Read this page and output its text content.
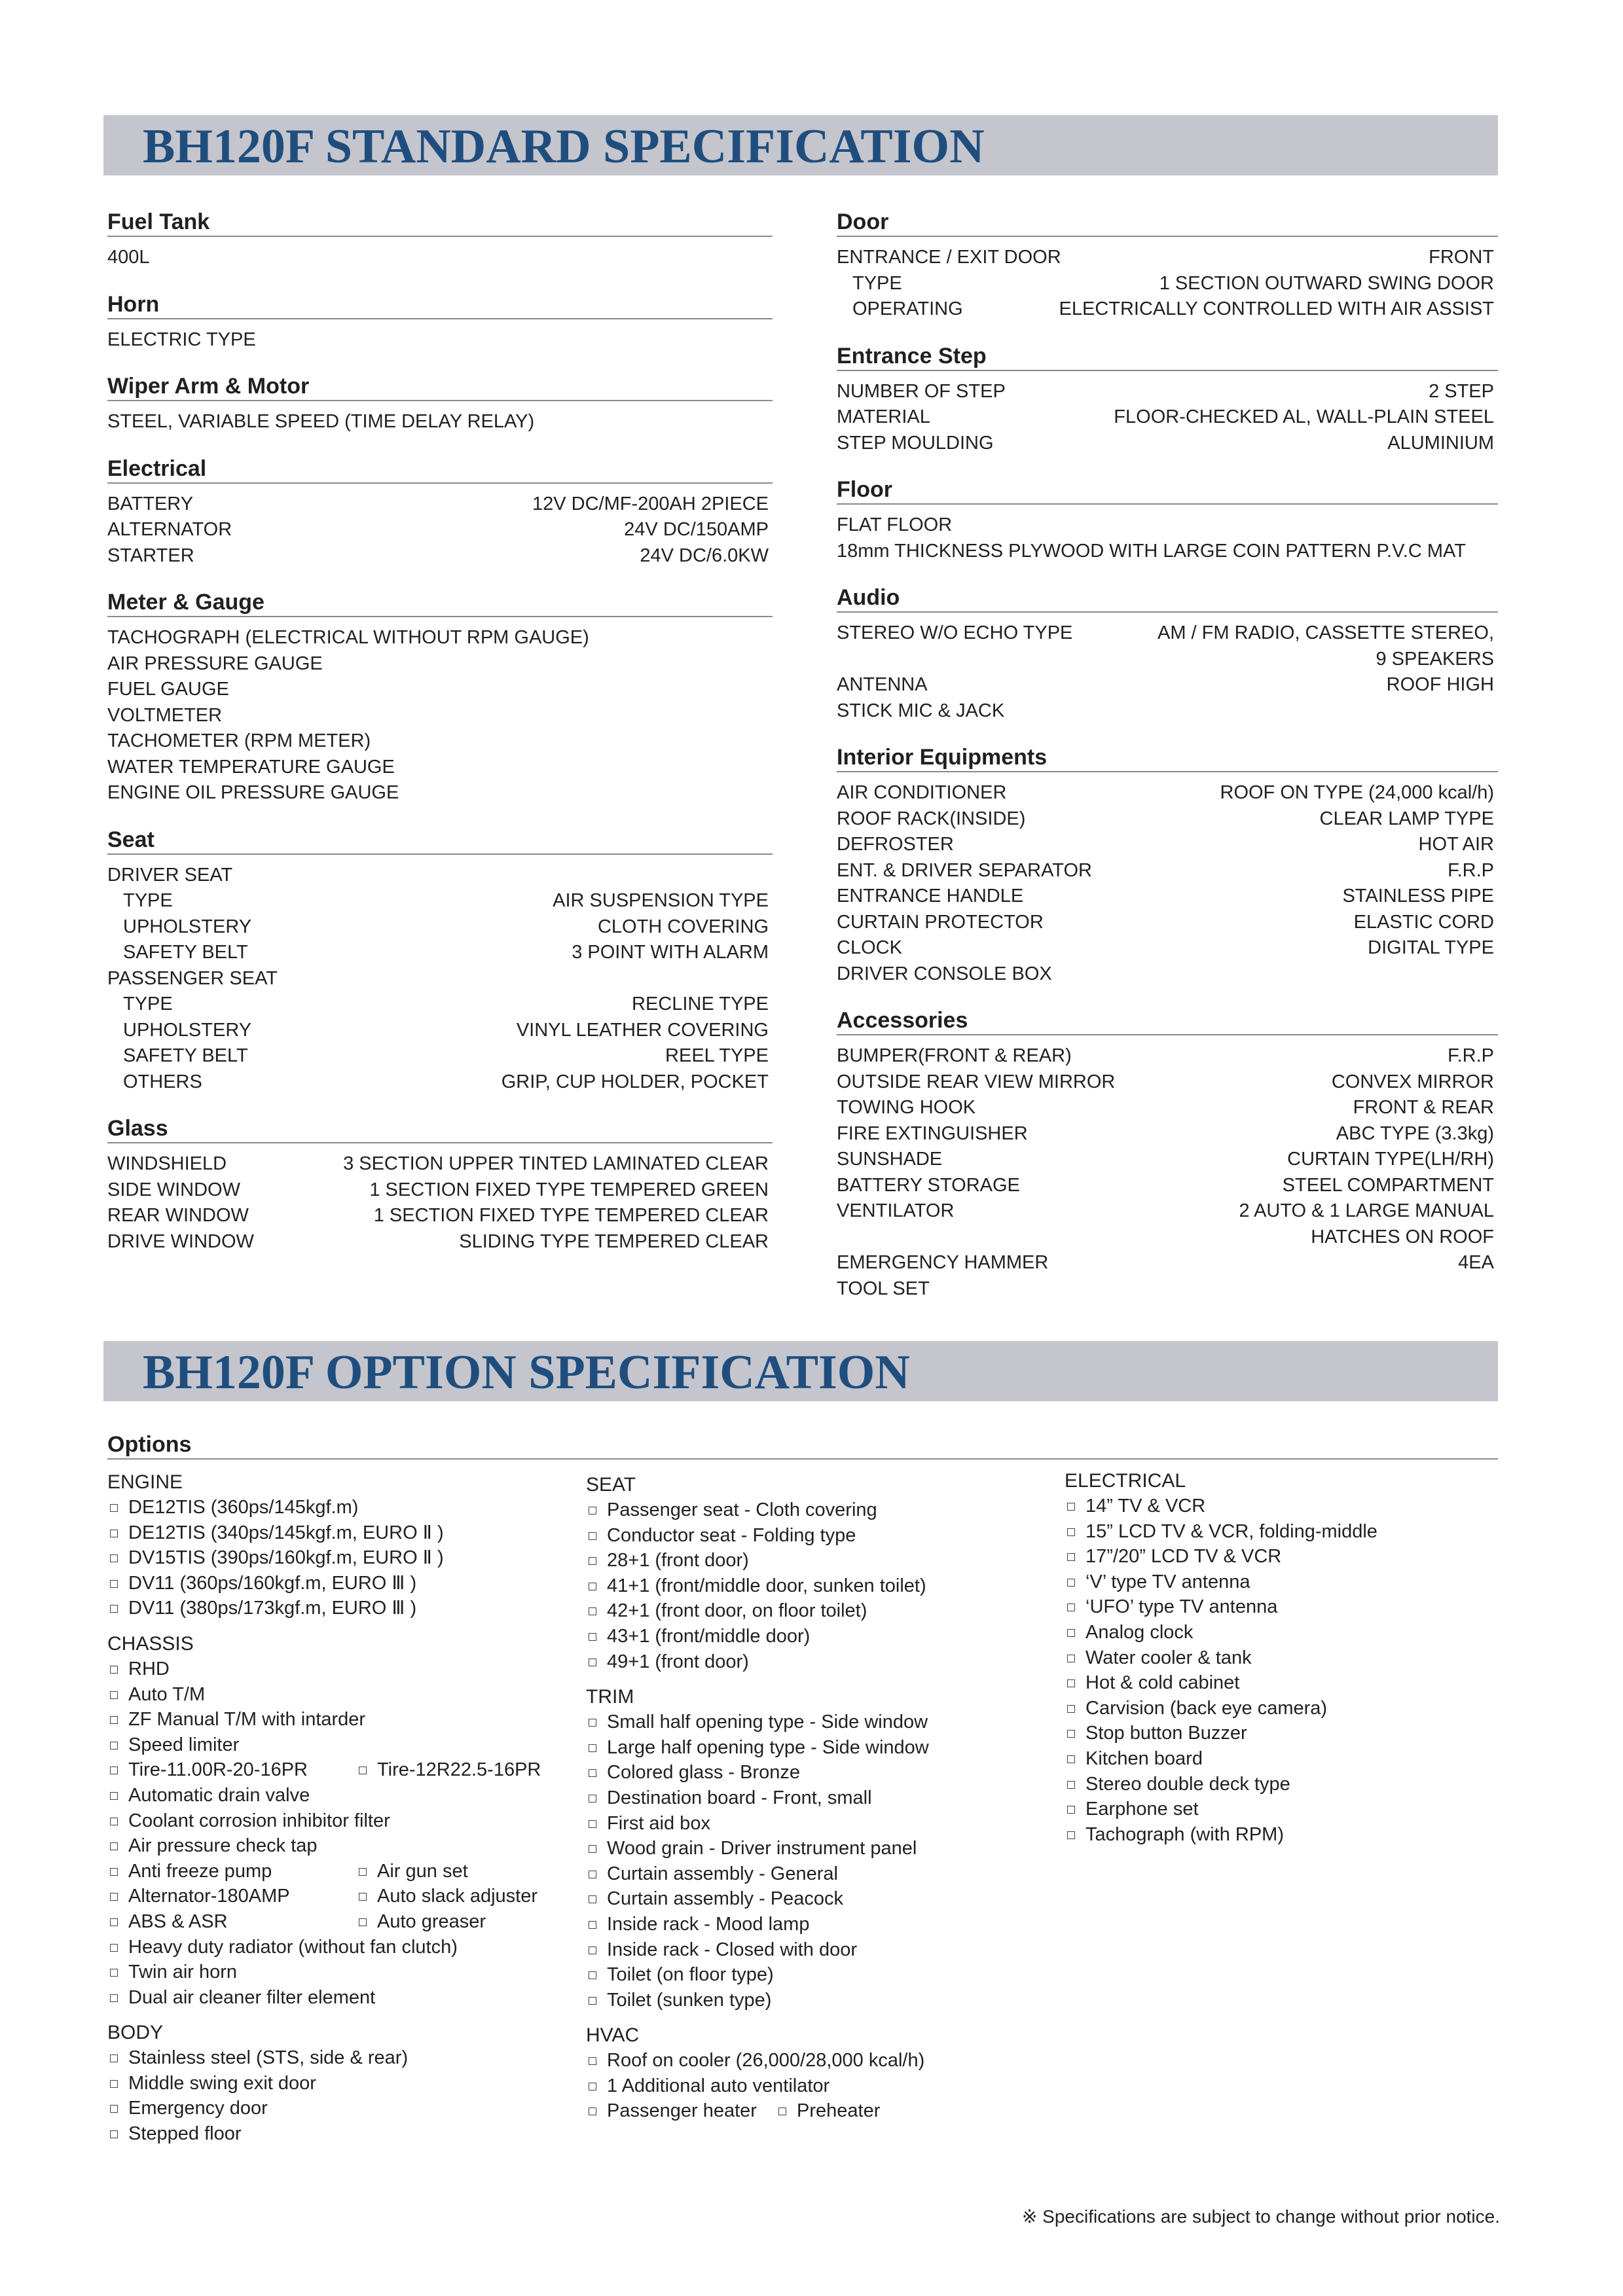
BH120F STANDARD SPECIFICATION
Fuel Tank
400L
Horn
ELECTRIC TYPE
Wiper Arm & Motor
STEEL, VARIABLE SPEED (TIME DELAY RELAY)
Electrical
BATTERY	12V DC/MF-200AH 2PIECE
ALTERNATOR	24V DC/150AMP
STARTER	24V DC/6.0KW
Meter & Gauge
TACHOGRAPH (ELECTRICAL WITHOUT RPM GAUGE)
AIR PRESSURE GAUGE
FUEL GAUGE
VOLTMETER
TACHOMETER (RPM METER)
WATER TEMPERATURE GAUGE
ENGINE OIL PRESSURE GAUGE
Seat
DRIVER SEAT
TYPE	AIR SUSPENSION TYPE
UPHOLSTERY	CLOTH COVERING
SAFETY BELT	3 POINT WITH ALARM
PASSENGER SEAT
TYPE	RECLINE TYPE
UPHOLSTERY	VINYL LEATHER COVERING
SAFETY BELT	REEL TYPE
OTHERS	GRIP, CUP HOLDER, POCKET
Glass
WINDSHIELD	3 SECTION UPPER TINTED LAMINATED CLEAR
SIDE WINDOW	1 SECTION FIXED TYPE TEMPERED GREEN
REAR WINDOW	1 SECTION FIXED TYPE TEMPERED CLEAR
DRIVE WINDOW	SLIDING TYPE TEMPERED CLEAR
Door
ENTRANCE / EXIT DOOR	FRONT
TYPE	1 SECTION OUTWARD SWING DOOR
OPERATING	ELECTRICALLY CONTROLLED WITH AIR ASSIST
Entrance Step
NUMBER OF STEP	2 STEP
MATERIAL	FLOOR-CHECKED AL, WALL-PLAIN STEEL
STEP MOULDING	ALUMINIUM
Floor
FLAT FLOOR
18mm THICKNESS PLYWOOD WITH LARGE COIN PATTERN P.V.C MAT
Audio
STEREO W/O ECHO TYPE	AM / FM RADIO, CASSETTE STEREO,
9 SPEAKERS
ANTENNA	ROOF HIGH
STICK MIC & JACK
Interior Equipments
AIR CONDITIONER	ROOF ON TYPE (24,000 kcal/h)
ROOF RACK(INSIDE)	CLEAR LAMP TYPE
DEFROSTER	HOT AIR
ENT. & DRIVER SEPARATOR	F.R.P
ENTRANCE HANDLE	STAINLESS PIPE
CURTAIN PROTECTOR	ELASTIC CORD
CLOCK	DIGITAL TYPE
DRIVER CONSOLE BOX
Accessories
BUMPER(FRONT & REAR)	F.R.P
OUTSIDE REAR VIEW MIRROR	CONVEX MIRROR
TOWING HOOK	FRONT & REAR
FIRE EXTINGUISHER	ABC TYPE (3.3kg)
SUNSHADE	CURTAIN TYPE(LH/RH)
BATTERY STORAGE	STEEL COMPARTMENT
VENTILATOR	2 AUTO & 1 LARGE MANUAL
HATCHES ON ROOF
EMERGENCY HAMMER	4EA
TOOL SET
BH120F OPTION SPECIFICATION
Options
ENGINE
DE12TIS (360ps/145kgf.m)
DE12TIS (340ps/145kgf.m, EURO Ⅱ )
DV15TIS (390ps/160kgf.m, EURO Ⅱ )
DV11 (360ps/160kgf.m, EURO Ⅲ )
DV11 (380ps/173kgf.m, EURO Ⅲ )
CHASSIS
RHD
Auto T/M
ZF Manual T/M with intarder
Speed limiter
Tire-11.00R-20-16PR	Tire-12R22.5-16PR
Automatic drain valve
Coolant corrosion inhibitor filter
Air pressure check tap
Anti freeze pump	Air gun set
Alternator-180AMP	Auto slack adjuster
ABS & ASR	Auto greaser
Heavy duty radiator (without fan clutch)
Twin air horn
Dual air cleaner filter element
BODY
Stainless steel (STS, side & rear)
Middle swing exit door
Emergency door
Stepped floor
SEAT
Passenger seat - Cloth covering
Conductor seat - Folding type
28+1 (front door)
41+1 (front/middle door, sunken toilet)
42+1 (front door, on floor toilet)
43+1 (front/middle door)
49+1 (front door)
TRIM
Small half opening type - Side window
Large half opening type - Side window
Colored glass - Bronze
Destination board - Front, small
First aid box
Wood grain - Driver instrument panel
Curtain assembly - General
Curtain assembly - Peacock
Inside rack - Mood lamp
Inside rack - Closed with door
Toilet (on floor type)
Toilet (sunken type)
HVAC
Roof on cooler (26,000/28,000 kcal/h)
1 Additional auto ventilator
Passenger heater	Preheater
ELECTRICAL
14” TV & VCR
15” LCD TV & VCR, folding-middle
17”/20” LCD TV & VCR
‘V’ type TV antenna
‘UFO’ type TV antenna
Analog clock
Water cooler & tank
Hot & cold cabinet
Carvision (back eye camera)
Stop button Buzzer
Kitchen board
Stereo double deck type
Earphone set
Tachograph (with RPM)
※ Specifications are subject to change without prior notice.
